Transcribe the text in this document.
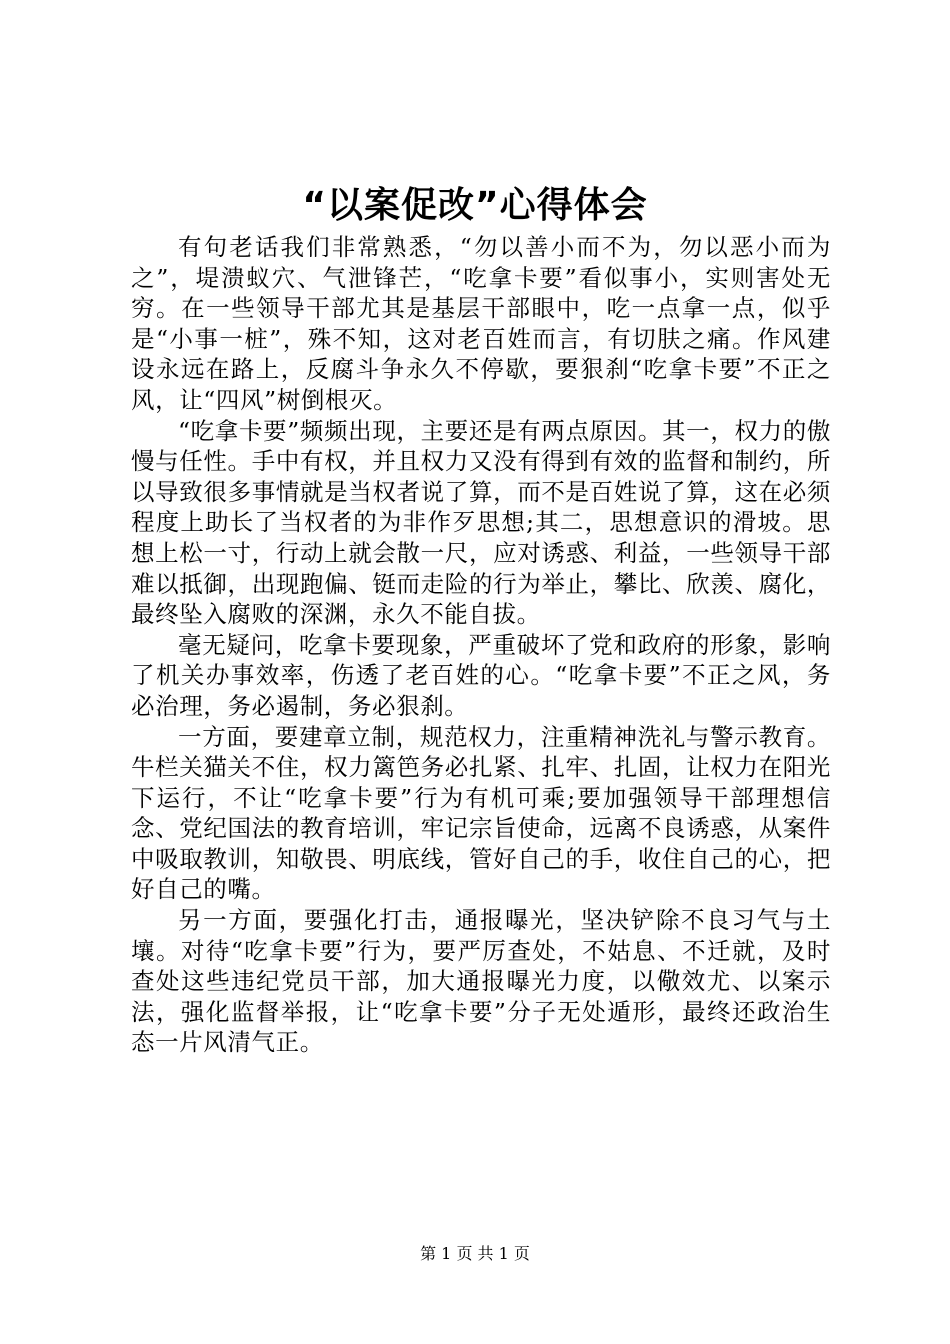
“以案促改”心得体会

有句老话我们非常熟悉，“勿以善小而不为，勿以恶小而为之”，堤溃蚁穴、气泄锋芒，“吃拿卡要”看似事小，实则害处无穷。在一些领导干部尤其是基层干部眼中，吃一点拿一点，似乎是“小事一桩”，殊不知，这对老百姓而言，有切肤之痛。作风建设永远在路上，反腐斗争永久不停歇，要狠刹“吃拿卡要”不正之风，让“四风”树倒根灭。

“吃拿卡要”频频出现，主要还是有两点原因。其一，权力的傲慢与任性。手中有权，并且权力又没有得到有效的监督和制约，所以导致很多事情就是当权者说了算，而不是百姓说了算，这在必须程度上助长了当权者的为非作歹思想;其二，思想意识的滑坡。思想上松一寸，行动上就会散一尺，应对诱惑、利益，一些领导干部难以抵御，出现跑偏、铤而走险的行为举止，攀比、欣羡、腐化，最终坠入腐败的深渊，永久不能自拔。

毫无疑问，吃拿卡要现象，严重破坏了党和政府的形象，影响了机关办事效率，伤透了老百姓的心。“吃拿卡要”不正之风，务必治理，务必遏制，务必狠刹。

一方面，要建章立制，规范权力，注重精神洗礼与警示教育。牛栏关猫关不住，权力篱笆务必扎紧、扎牢、扎固，让权力在阳光下运行，不让“吃拿卡要”行为有机可乘;要加强领导干部理想信念、党纪国法的教育培训，牢记宗旨使命，远离不良诱惑，从案件中吸取教训，知敬畏、明底线，管好自己的手，收住自己的心，把好自己的嘴。

另一方面，要强化打击，通报曝光，坚决铲除不良习气与土壤。对待“吃拿卡要”行为，要严厉查处，不姑息、不迁就，及时查处这些违纪党员干部，加大通报曝光力度，以儆效尤、以案示法，强化监督举报，让“吃拿卡要”分子无处遁形，最终还政治生态一片风清气正。

第 1 页 共 1 页
